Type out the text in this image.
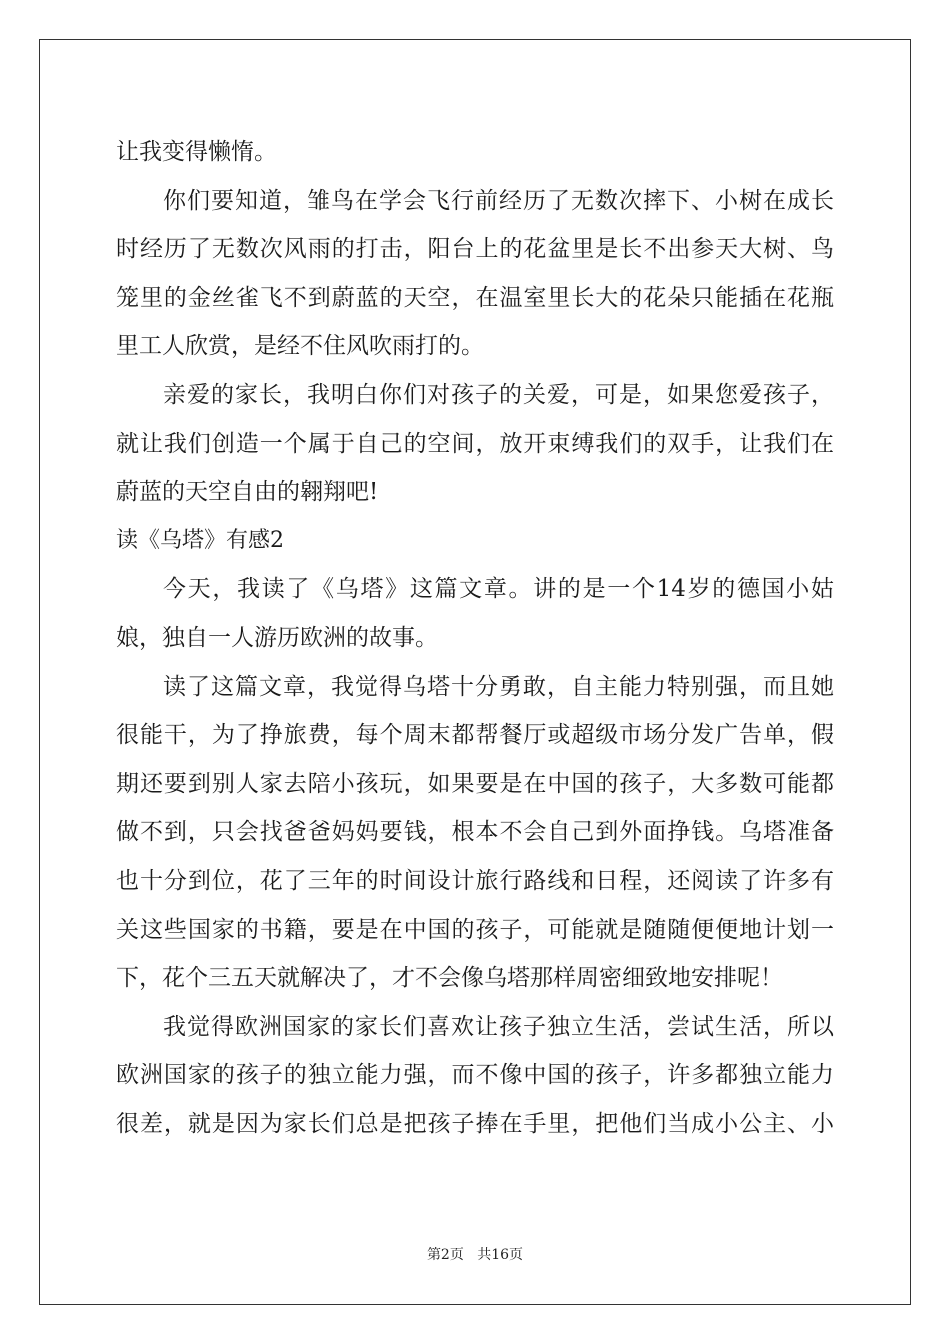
让我变得懒惰。
你们要知道，雏鸟在学会飞行前经历了无数次摔下、小树在成长
时经历了无数次风雨的打击，阳台上的花盆里是长不出参天大树、鸟
笼里的金丝雀飞不到蔚蓝的天空，在温室里长大的花朵只能插在花瓶
里工人欣赏，是经不住风吹雨打的。
亲爱的家长，我明白你们对孩子的关爱，可是，如果您爱孩子，
就让我们创造一个属于自己的空间，放开束缚我们的双手，让我们在
蔚蓝的天空自由的翱翔吧!
读《乌塔》有感2
今天，我读了《乌塔》这篇文章。讲的是一个14岁的德国小姑
娘，独自一人游历欧洲的故事。
读了这篇文章，我觉得乌塔十分勇敢，自主能力特别强，而且她
很能干，为了挣旅费，每个周末都帮餐厅或超级市场分发广告单，假
期还要到别人家去陪小孩玩，如果要是在中国的孩子，大多数可能都
做不到，只会找爸爸妈妈要钱，根本不会自己到外面挣钱。乌塔准备
也十分到位，花了三年的时间设计旅行路线和日程，还阅读了许多有
关这些国家的书籍，要是在中国的孩子，可能就是随随便便地计划一
下，花个三五天就解决了，才不会像乌塔那样周密细致地安排呢！
我觉得欧洲国家的家长们喜欢让孩子独立生活，尝试生活，所以
欧洲国家的孩子的独立能力强，而不像中国的孩子，许多都独立能力
很差，就是因为家长们总是把孩子捧在手里，把他们当成小公主、小
第2页 共16页
